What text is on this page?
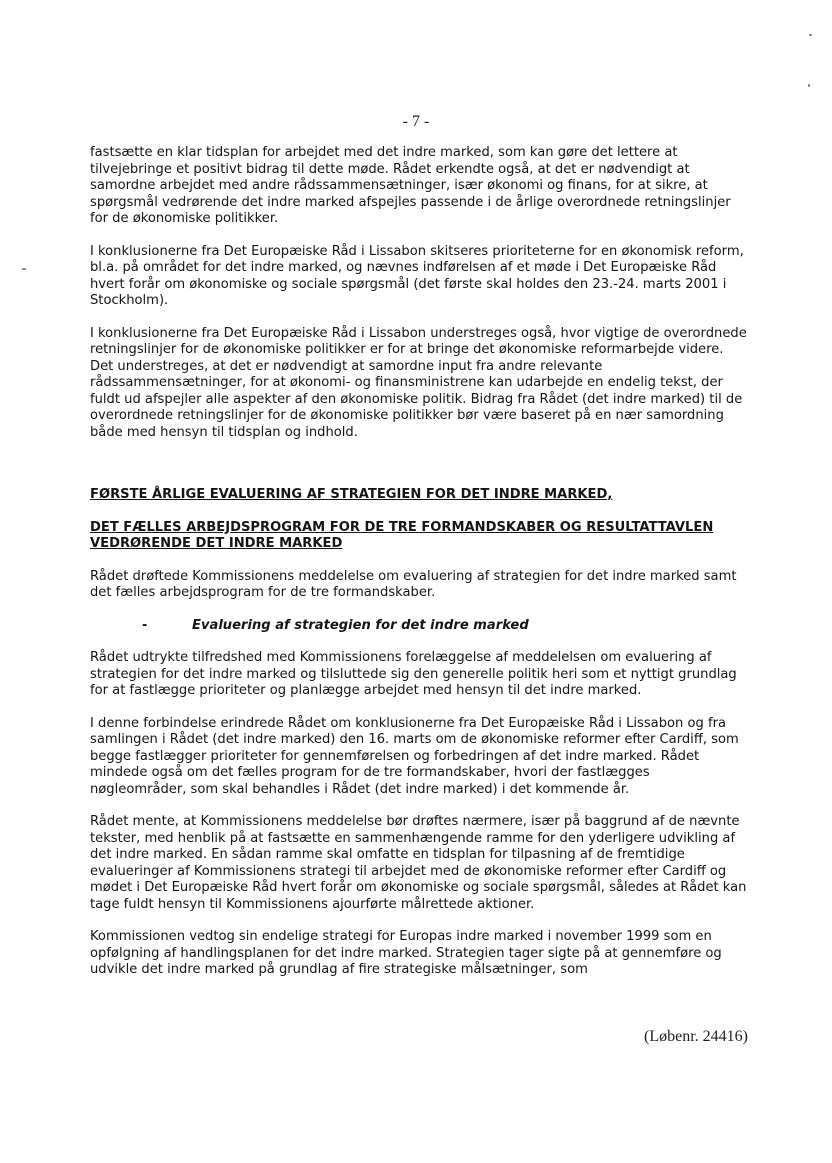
- 7 -

fastsætte en klar tidsplan for arbejdet med det indre marked, som kan gøre det lettere at tilvejebringe et positivt bidrag til dette møde. Rådet erkendte også, at det er nødvendigt at samordne arbejdet med andre rådssammensætninger, især økonomi og finans, for at sikre, at spørgsmål vedrørende det indre marked afspejles passende i de årlige overordnede retningslinjer for de økonomiske politikker.

I konklusionerne fra Det Europæiske Råd i Lissabon skitseres prioriteterne for en økonomisk reform, bl.a. på området for det indre marked, og nævnes indførelsen af et møde i Det Europæiske Råd hvert forår om økonomiske og sociale spørgsmål (det første skal holdes den 23.-24. marts 2001 i Stockholm).

I konklusionerne fra Det Europæiske Råd i Lissabon understreges også, hvor vigtige de overordnede retningslinjer for de økonomiske politikker er for at bringe det økonomiske reformarbejde videre. Det understreges, at det er nødvendigt at samordne input fra andre relevante rådssammensætninger, for at økonomi- og finansministrene kan udarbejde en endelig tekst, der fuldt ud afspejler alle aspekter af den økonomiske politik. Bidrag fra Rådet (det indre marked) til de overordnede retningslinjer for de økonomiske politikker bør være baseret på en nær samordning både med hensyn til tidsplan og indhold.

FØRSTE ÅRLIGE EVALUERING AF STRATEGIEN FOR DET INDRE MARKED,
DET FÆLLES ARBEJDSPROGRAM FOR DE TRE FORMANDSKABER OG RESULTATTAVLEN VEDRØRENDE DET INDRE MARKED

Rådet drøftede Kommissionens meddelelse om evaluering af strategien for det indre marked samt det fælles arbejdsprogram for de tre formandskaber.

-	Evaluering af strategien for det indre marked

Rådet udtrykte tilfredshed med Kommissionens forelæggelse af meddelelsen om evaluering af strategien for det indre marked og tilsluttede sig den generelle politik heri som et nyttigt grundlag for at fastlægge prioriteter og planlægge arbejdet med hensyn til det indre marked.

I denne forbindelse erindrede Rådet om konklusionerne fra Det Europæiske Råd i Lissabon og fra samlingen i Rådet (det indre marked) den 16. marts om de økonomiske reformer efter Cardiff, som begge fastlægger prioriteter for gennemførelsen og forbedringen af det indre marked. Rådet mindede også om det fælles program for de tre formandskaber, hvori der fastlægges nøgleområder, som skal behandles i Rådet (det indre marked) i det kommende år.

Rådet mente, at Kommissionens meddelelse bør drøftes nærmere, især på baggrund af de nævnte tekster, med henblik på at fastsætte en sammenhængende ramme for den yderligere udvikling af det indre marked. En sådan ramme skal omfatte en tidsplan for tilpasning af de fremtidige evalueringer af Kommissionens strategi til arbejdet med de økonomiske reformer efter Cardiff og mødet i Det Europæiske Råd hvert forår om økonomiske og sociale spørgsmål, således at Rådet kan tage fuldt hensyn til Kommissionens ajourførte målrettede aktioner.

Kommissionen vedtog sin endelige strategi for Europas indre marked i november 1999 som en opfølgning af handlingsplanen for det indre marked. Strategien tager sigte på at gennemføre og udvikle det indre marked på grundlag af fire strategiske målsætninger, som

(Løbenr. 24416)
